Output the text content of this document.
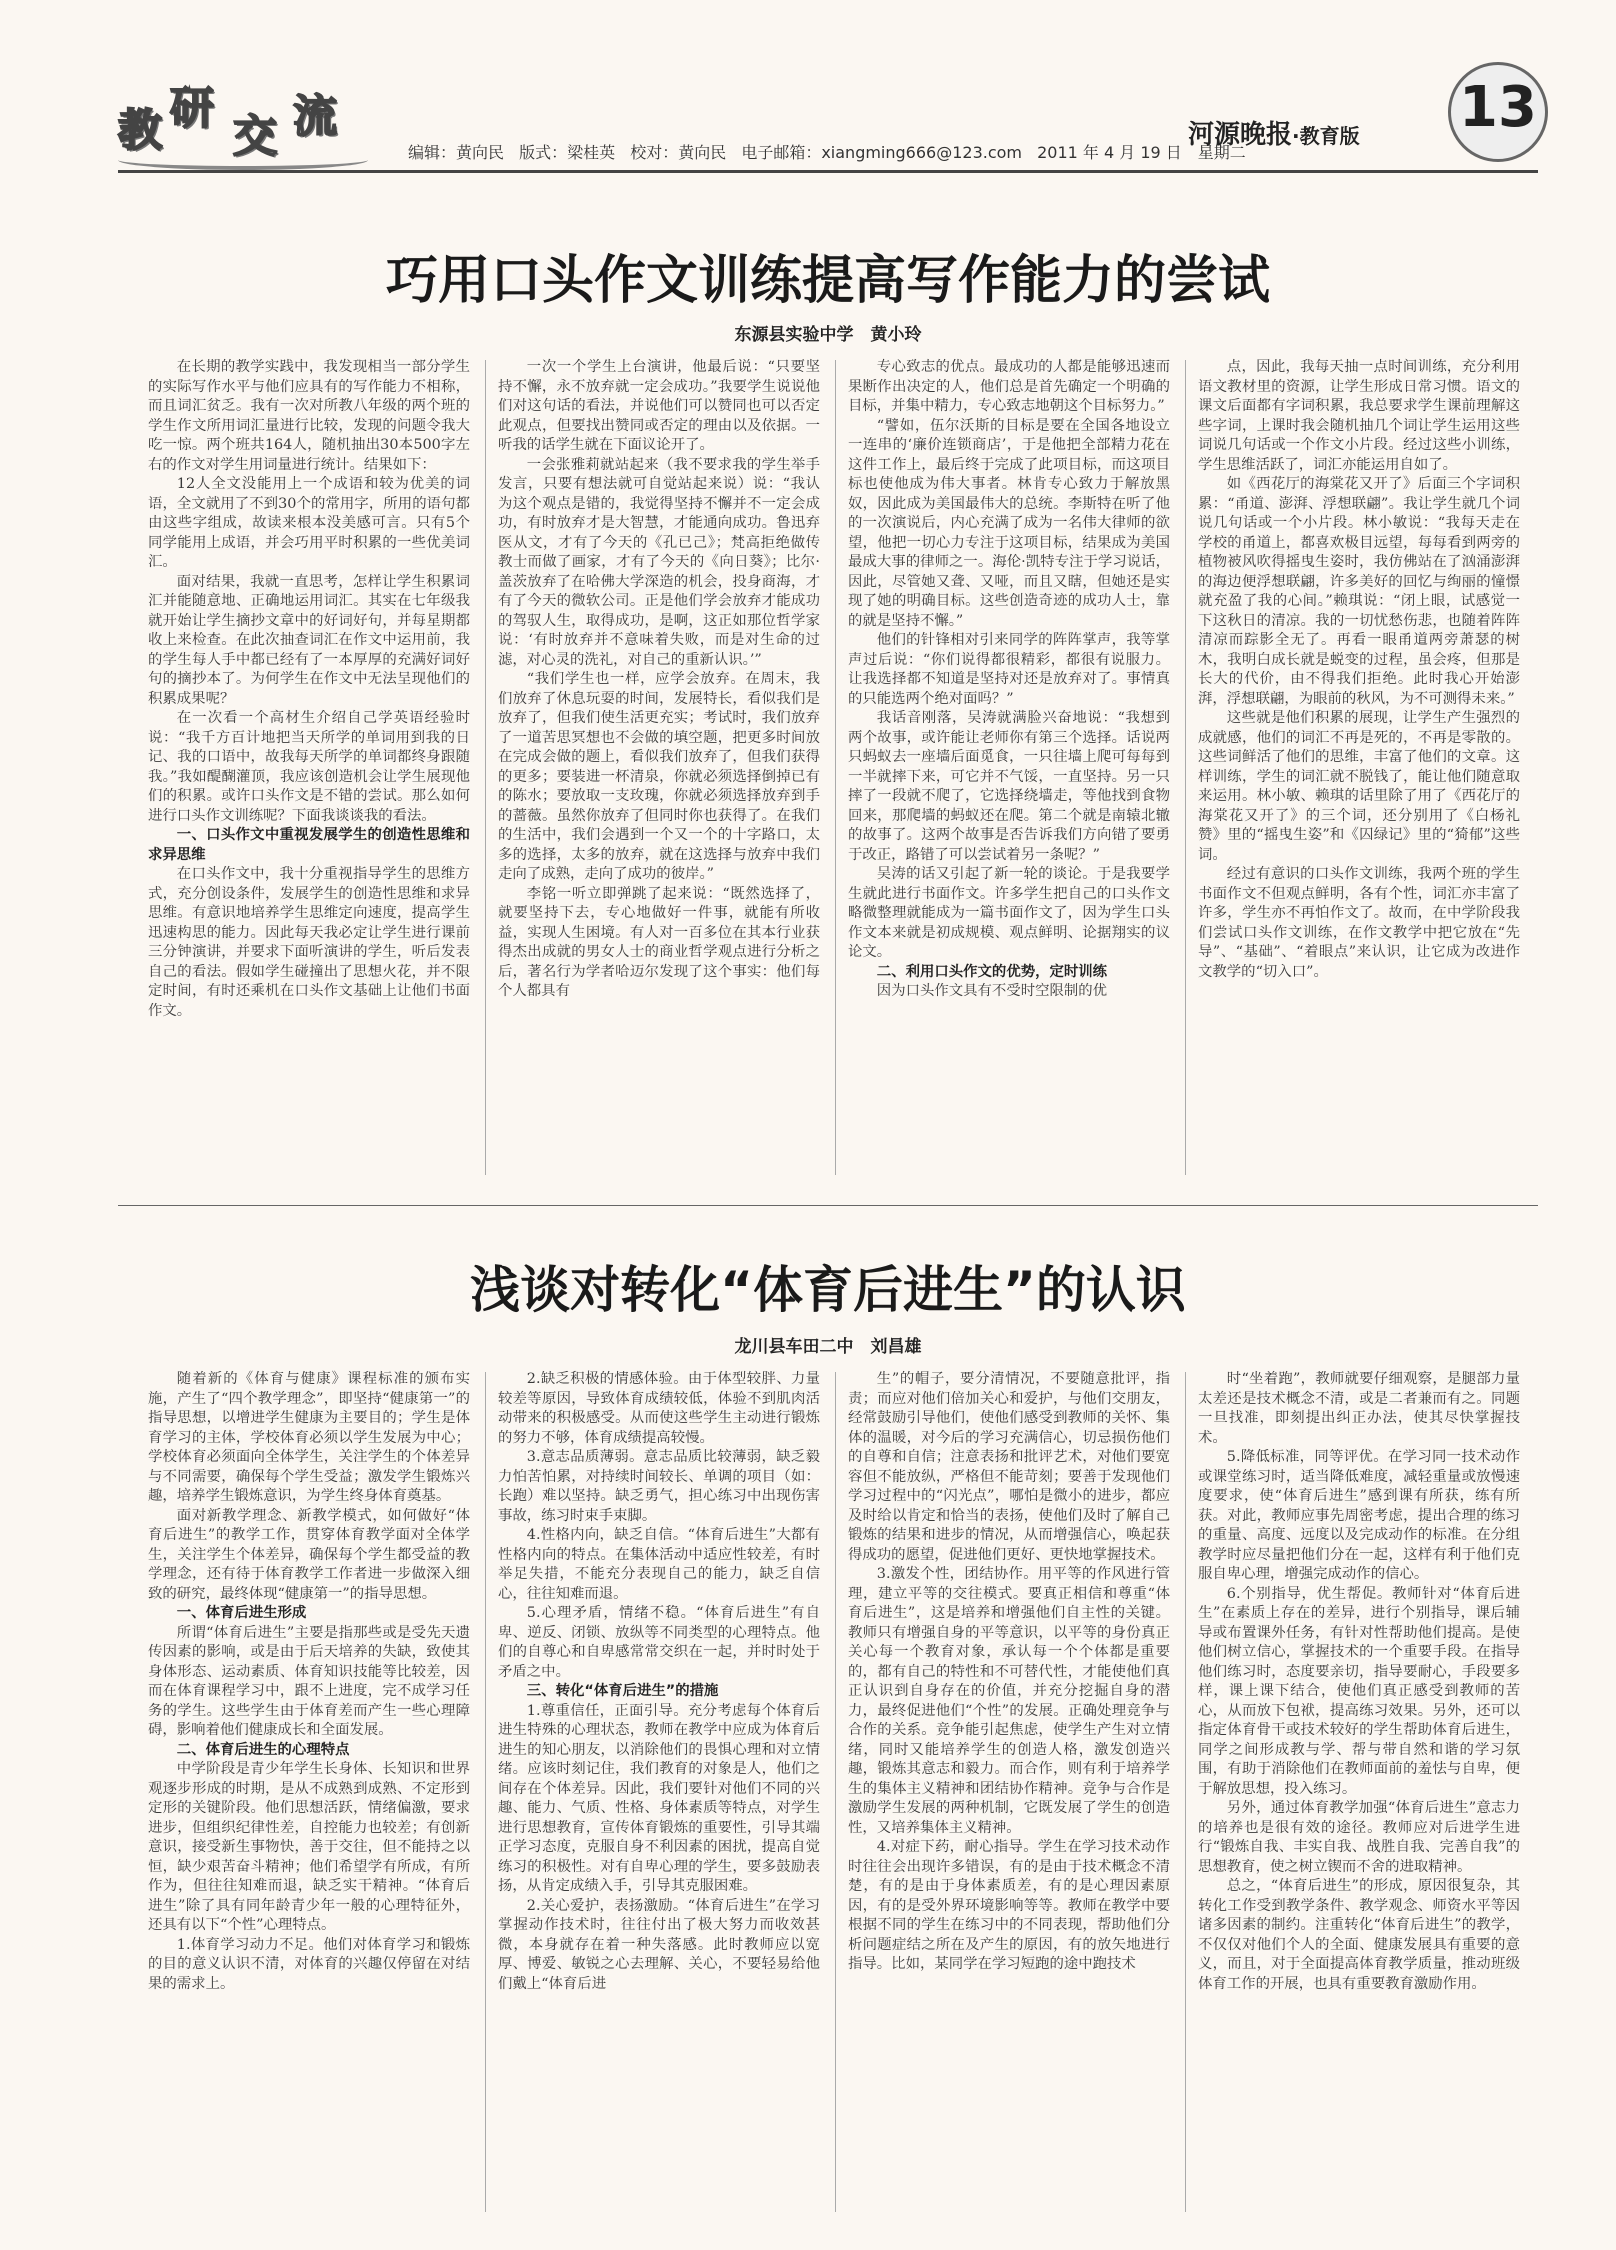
教 研
交 流
编辑：黄向民 版式：梁桂英 校对：黄向民 电子邮箱：xiangming666@123.com 2011 年 4 月 19 日　星期二
河源晚报·教育版 13
巧用口头作文训练提高写作能力的尝试
东源县实验中学　黄小玲

在长期的教学实践中，我发现相当一部分学生的实际写作水平与他们应具有的写作能力不相称，而且词汇贫乏。我有一次对所教八年级的两个班的学生作文所用词汇量进行比较，发现的问题令我大吃一惊。两个班共164人，随机抽出30本500字左右的作文对学生用词量进行统计。结果如下：

12人全文没能用上一个成语和较为优美的词语，全文就用了不到30个的常用字，所用的语句都由这些字组成，故读来根本没美感可言。只有5个同学能用上成语，并会巧用平时积累的一些优美词汇。

面对结果，我就一直思考，怎样让学生积累词汇并能随意地、正确地运用词汇。其实在七年级我就开始让学生摘抄文章中的好词好句，并每星期都收上来检查。在此次抽查词汇在作文中运用前，我的学生每人手中都已经有了一本厚厚的充满好词好句的摘抄本了。为何学生在作文中无法呈现他们的积累成果呢？

在一次看一个高材生介绍自己学英语经验时说：“我千方百计地把当天所学的单词用到我的日记、我的口语中，故我每天所学的单词都终身跟随我。”我如醍醐灌顶，我应该创造机会让学生展现他们的积累。或许口头作文是不错的尝试。那么如何进行口头作文训练呢？下面我谈谈我的看法。

一、口头作文中重视发展学生的创造性思维和求异思维

在口头作文中，我十分重视指导学生的思维方式，充分创设条件，发展学生的创造性思维和求异思维。有意识地培养学生思维定向速度，提高学生迅速构思的能力。因此每天我必定让学生进行课前三分钟演讲，并要求下面听演讲的学生，听后发表自己的看法。假如学生碰撞出了思想火花，并不限定时间，有时还乘机在口头作文基础上让他们书面作文。

一次一个学生上台演讲，他最后说：“只要坚持不懈，永不放弃就一定会成功。”我要学生说说他们对这句话的看法，并说他们可以赞同也可以否定此观点，但要找出赞同或否定的理由以及依据。一听我的话学生就在下面议论开了。

一会张雅莉就站起来（我不要求我的学生举手发言，只要有想法就可自觉站起来说）说：“我认为这个观点是错的，我觉得坚持不懈并不一定会成功，有时放弃才是大智慧，才能通向成功。鲁迅弃医从文，才有了今天的《孔已己》；梵高拒绝做传教士而做了画家，才有了今天的《向日葵》；比尔·盖茨放弃了在哈佛大学深造的机会，投身商海，才有了今天的微软公司。正是他们学会放弃才能成功的驾驭人生，取得成功，是啊，这正如那位哲学家说：‘有时放弃并不意味着失败，而是对生命的过滤，对心灵的洗礼，对自己的重新认识。’”

“我们学生也一样，应学会放弃。在周末，我们放弃了休息玩耍的时间，发展特长，看似我们是放弃了，但我们使生活更充实；考试时，我们放弃了一道苦思冥想也不会做的填空题，把更多时间放在完成会做的题上，看似我们放弃了，但我们获得的更多；要装进一杯清泉，你就必须选择倒掉已有的陈水；要放取一支玫瑰，你就必须选择放弃到手的蔷薇。虽然你放弃了但同时你也获得了。在我们的生活中，我们会遇到一个又一个的十字路口，太多的选择，太多的放弃，就在这选择与放弃中我们走向了成熟，走向了成功的彼岸。”

李铭一听立即弹跳了起来说：“既然选择了，就要坚持下去，专心地做好一件事，就能有所收益，实现人生困境。有人对一百多位在其本行业获得杰出成就的男女人士的商业哲学观点进行分析之后，著名行为学者哈迈尔发现了这个事实：他们每个人都具有

专心致志的优点。最成功的人都是能够迅速而果断作出决定的人，他们总是首先确定一个明确的目标，并集中精力，专心致志地朝这个目标努力。”

“譬如，伍尔沃斯的目标是要在全国各地设立一连串的‘廉价连锁商店’，于是他把全部精力花在这件工作上，最后终于完成了此项目标，而这项目标也使他成为伟大事者。林肯专心致力于解放黑奴，因此成为美国最伟大的总统。李斯特在听了他的一次演说后，内心充满了成为一名伟大律师的欲望，他把一切心力专注于这项目标，结果成为美国最成大事的律师之一。海伦·凯特专注于学习说话，因此，尽管她又聋、又哑，而且又瞎，但她还是实现了她的明确目标。这些创造奇迹的成功人士，靠的就是坚持不懈。”

他们的针锋相对引来同学的阵阵掌声，我等掌声过后说：“你们说得都很精彩，都很有说服力。让我选择都不知道是坚持对还是放弃对了。事情真的只能选两个绝对面吗？”

我话音刚落，吴涛就满脸兴奋地说：“我想到两个故事，或许能让老师你有第三个选择。话说两只蚂蚁去一座墙后面觅食，一只往墙上爬可每每到一半就摔下来，可它并不气馁，一直坚持。另一只摔了一段就不爬了，它选择绕墙走，等他找到食物回来，那爬墙的蚂蚁还在爬。第二个就是南辕北辙的故事了。这两个故事是否告诉我们方向错了要勇于改正，路错了可以尝试着另一条呢？”

吴涛的话又引起了新一轮的谈论。于是我要学生就此进行书面作文。许多学生把自己的口头作文略微整理就能成为一篇书面作文了，因为学生口头作文本来就是初成规模、观点鲜明、论据翔实的议论文。

二、利用口头作文的优势，定时训练

因为口头作文具有不受时空限制的优

点，因此，我每天抽一点时间训练，充分利用语文教材里的资源，让学生形成日常习惯。语文的课文后面都有字词积累，我总要求学生课前理解这些字词，上课时我会随机抽几个词让学生运用这些词说几句话或一个作文小片段。经过这些小训练，学生思维活跃了，词汇亦能运用自如了。

如《西花厅的海棠花又开了》后面三个字词积累：“甬道、澎湃、浮想联翩”。我让学生就几个词说几句话或一个小片段。林小敏说：“我每天走在学校的甬道上，都喜欢极目远望，每每看到两旁的植物被风吹得摇曳生姿时，我仿佛站在了汹涌澎湃的海边便浮想联翩，许多美好的回忆与绚丽的憧憬就充盈了我的心间。”赖琪说：“闭上眼，试感觉一下这秋日的清凉。我的一切忧愁伤悲，也随着阵阵清凉而踪影全无了。再看一眼甬道两旁萧瑟的树木，我明白成长就是蜕变的过程，虽会疼，但那是长大的代价，由不得我们拒绝。此时我心开始澎湃，浮想联翩，为眼前的秋风，为不可测得未来。”

这些就是他们积累的展现，让学生产生强烈的成就感，他们的词汇不再是死的，不再是零散的。这些词鲜活了他们的思维，丰富了他们的文章。这样训练，学生的词汇就不脱钱了，能让他们随意取来运用。林小敏、赖琪的话里除了用了《西花厅的海棠花又开了》的三个词，还分别用了《白杨礼赞》里的“摇曳生姿”和《囚绿记》里的“猗郁”这些词。

经过有意识的口头作文训练，我两个班的学生书面作文不但观点鲜明，各有个性，词汇亦丰富了许多，学生亦不再怕作文了。故而，在中学阶段我们尝试口头作文训练，在作文教学中把它放在“先导”、“基础”、“着眼点”来认识，让它成为改进作文教学的“切入口”。

浅谈对转化“体育后进生”的认识
龙川县车田二中　刘昌雄

随着新的《体育与健康》课程标准的颁布实施，产生了“四个教学理念”，即坚持“健康第一”的指导思想，以增进学生健康为主要目的；学生是体育学习的主体，学校体育必须以学生发展为中心；学校体育必须面向全体学生，关注学生的个体差异与不同需要，确保每个学生受益；激发学生锻炼兴趣，培养学生锻炼意识，为学生终身体育奠基。

面对新教学理念、新教学模式，如何做好“体育后进生”的教学工作，贯穿体育教学面对全体学生，关注学生个体差异，确保每个学生都受益的教学理念，还有待于体育教学工作者进一步做深入细致的研究，最终体现“健康第一”的指导思想。

一、体育后进生形成

所谓“体育后进生”主要是指那些或是受先天遗传因素的影响，或是由于后天培养的失缺，致使其身体形态、运动素质、体育知识技能等比较差，因而在体育课程学习中，跟不上进度，完不成学习任务的学生。这些学生由于体育差而产生一些心理障碍，影响着他们健康成长和全面发展。

二、体育后进生的心理特点

中学阶段是青少年学生长身体、长知识和世界观逐步形成的时期，是从不成熟到成熟、不定形到定形的关键阶段。他们思想活跃，情绪偏激，要求进步，但组织纪律性差，自控能力也较差；有创新意识，接受新生事物快，善于交往，但不能持之以恒，缺少艰苦奋斗精神；他们希望学有所成，有所作为，但往往知难而退，缺乏实干精神。“体育后进生”除了具有同年龄青少年一般的心理特征外，还具有以下“个性”心理特点。

1.体育学习动力不足。他们对体育学习和锻炼的目的意义认识不清，对体育的兴趣仅停留在对结果的需求上。

2.缺乏积极的情感体验。由于体型较胖、力量较差等原因，导致体育成绩较低，体验不到肌肉活动带来的积极感受。从而使这些学生主动进行锻炼的努力不够，体育成绩提高较慢。

3.意志品质薄弱。意志品质比较薄弱，缺乏毅力怕苦怕累，对持续时间较长、单调的项目（如：长跑）难以坚持。缺乏勇气，担心练习中出现伤害事故，练习时束手束脚。

4.性格内向，缺乏自信。“体育后进生”大都有性格内向的特点。在集体活动中适应性较差，有时举足失措，不能充分表现自己的能力，缺乏自信心，往往知难而退。

5.心理矛盾，情绪不稳。“体育后进生”有自卑、逆反、闭锁、放纵等不同类型的心理特点。他们的自尊心和自卑感常常交织在一起，并时时处于矛盾之中。

三、转化“体育后进生”的措施

1.尊重信任，正面引导。充分考虑每个体育后进生特殊的心理状态，教师在教学中应成为体育后进生的知心朋友，以消除他们的畏惧心理和对立情绪。应该时刻记住，我们教育的对象是人，他们之间存在个体差异。因此，我们要针对他们不同的兴趣、能力、气质、性格、身体素质等特点，对学生进行思想教育，宣传体育锻炼的重要性，引导其端正学习态度，克服自身不利因素的困扰，提高自觉练习的积极性。对有自卑心理的学生，要多鼓励表扬，从肯定成绩入手，引导其克服困难。

2.关心爱护，表扬激励。“体育后进生”在学习掌握动作技术时，往往付出了极大努力而收效甚微，本身就存在着一种失落感。此时教师应以宽厚、博爱、敏锐之心去理解、关心，不要轻易给他们戴上“体育后进

生”的帽子，要分清情况，不要随意批评，指责；而应对他们倍加关心和爱护，与他们交朋友，经常鼓励引导他们，使他们感受到教师的关怀、集体的温暖，对今后的学习充满信心，切忌损伤他们的自尊和自信；注意表扬和批评艺术，对他们要宽容但不能放纵，严格但不能苛刻；要善于发现他们学习过程中的“闪光点”，哪怕是微小的进步，都应及时给以肯定和恰当的表扬，使他们及时了解自己锻炼的结果和进步的情况，从而增强信心，唤起获得成功的愿望，促进他们更好、更快地掌握技术。

3.激发个性，团结协作。用平等的作风进行管理，建立平等的交往模式。要真正相信和尊重“体育后进生”，这是培养和增强他们自主性的关键。教师只有增强自身的平等意识，以平等的身份真正关心每一个教育对象，承认每一个个体都是重要的，都有自己的特性和不可替代性，才能使他们真正认识到自身存在的价值，并充分挖掘自身的潜力，最终促进他们“个性”的发展。正确处理竞争与合作的关系。竞争能引起焦虑，使学生产生对立情绪，同时又能培养学生的创造人格，激发创造兴趣，锻炼其意志和毅力。而合作，则有利于培养学生的集体主义精神和团结协作精神。竞争与合作是激励学生发展的两种机制，它既发展了学生的创造性，又培养集体主义精神。

4.对症下药，耐心指导。学生在学习技术动作时往往会出现许多错误，有的是由于技术概念不清楚，有的是由于身体素质差，有的是心理因素原因，有的是受外界环境影响等等。教师在教学中要根据不同的学生在练习中的不同表现，帮助他们分析问题症结之所在及产生的原因，有的放矢地进行指导。比如，某同学在学习短跑的途中跑技术

时“坐着跑”，教师就要仔细观察，是腿部力量太差还是技术概念不清，或是二者兼而有之。同题一旦找准，即刻提出纠正办法，使其尽快掌握技术。

5.降低标准，同等评优。在学习同一技术动作或课堂练习时，适当降低难度，减轻重量或放慢速度要求，使“体育后进生”感到课有所获，练有所获。对此，教师应事先周密考虑，提出合理的练习的重量、高度、远度以及完成动作的标准。在分组教学时应尽量把他们分在一起，这样有利于他们克服自卑心理，增强完成动作的信心。

6.个别指导，优生帮促。教师针对“体育后进生”在素质上存在的差异，进行个别指导，课后辅导或布置课外任务，有针对性帮助他们提高。是使他们树立信心，掌握技术的一个重要手段。在指导他们练习时，态度要亲切，指导要耐心，手段要多样，课上课下结合，使他们真正感受到教师的苦心，从而放下包袱，提高练习效果。另外，还可以指定体育骨干或技术较好的学生帮助体育后进生，同学之间形成教与学、帮与带自然和谐的学习氛围，有助于消除他们在教师面前的羞怯与自卑，便于解放思想，投入练习。

另外，通过体育教学加强“体育后进生”意志力的培养也是很有效的途径。教师应对后进学生进行“锻炼自我、丰实自我、战胜自我、完善自我”的思想教育，使之树立锲而不舍的进取精神。

总之，“体育后进生”的形成，原因很复杂，其转化工作受到教学条件、教学观念、师资水平等因诸多因素的制约。注重转化“体育后进生”的教学，不仅仅对他们个人的全面、健康发展具有重要的意义，而且，对于全面提高体育教学质量，推动班级体育工作的开展，也具有重要教育激励作用。
